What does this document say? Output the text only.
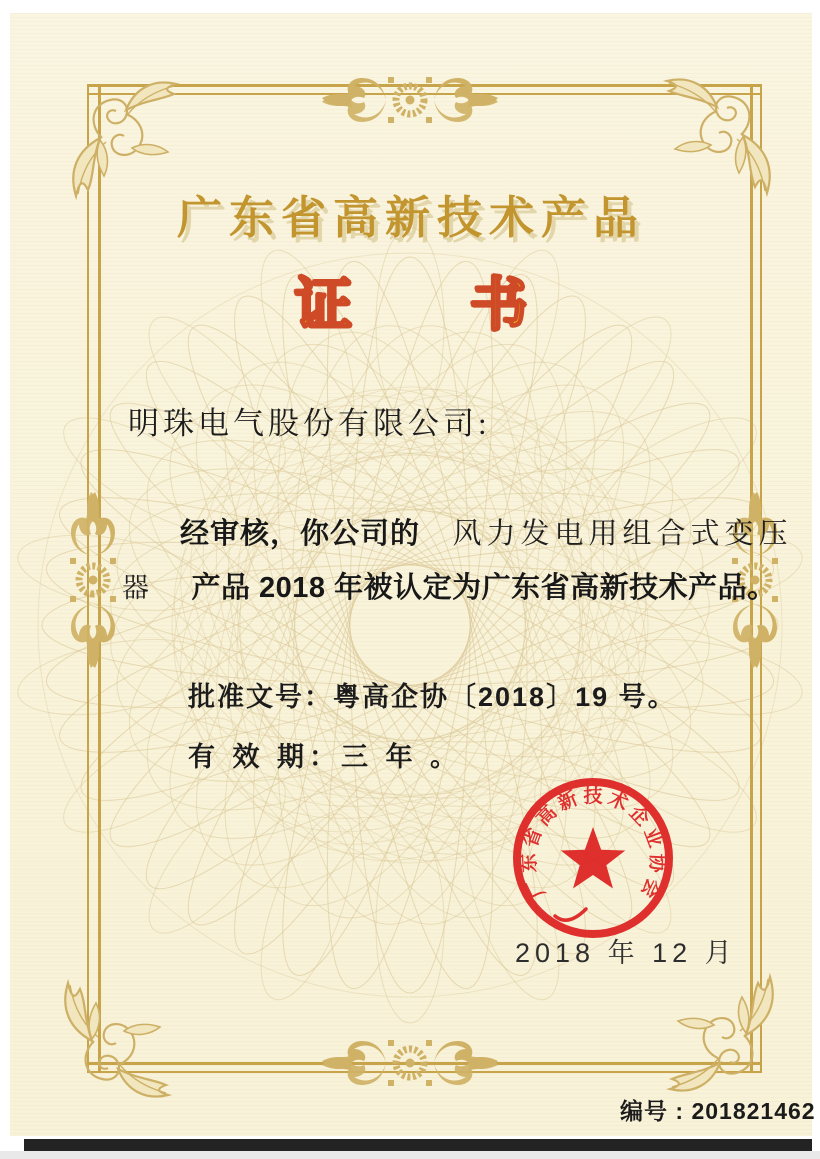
广东省高新技术产品
证 书
明珠电气股份有限公司:
经审核，你公司的 风力发电用组合式变压
器 产品 2018 年被认定为广东省高新技术产品。
批准文号：粤高企协〔2018〕19 号。
有 效 期：三 年 。
广
东
省
高
新 技 术
企
业
协
会
2018 年 12 月
编号 : 201821462
